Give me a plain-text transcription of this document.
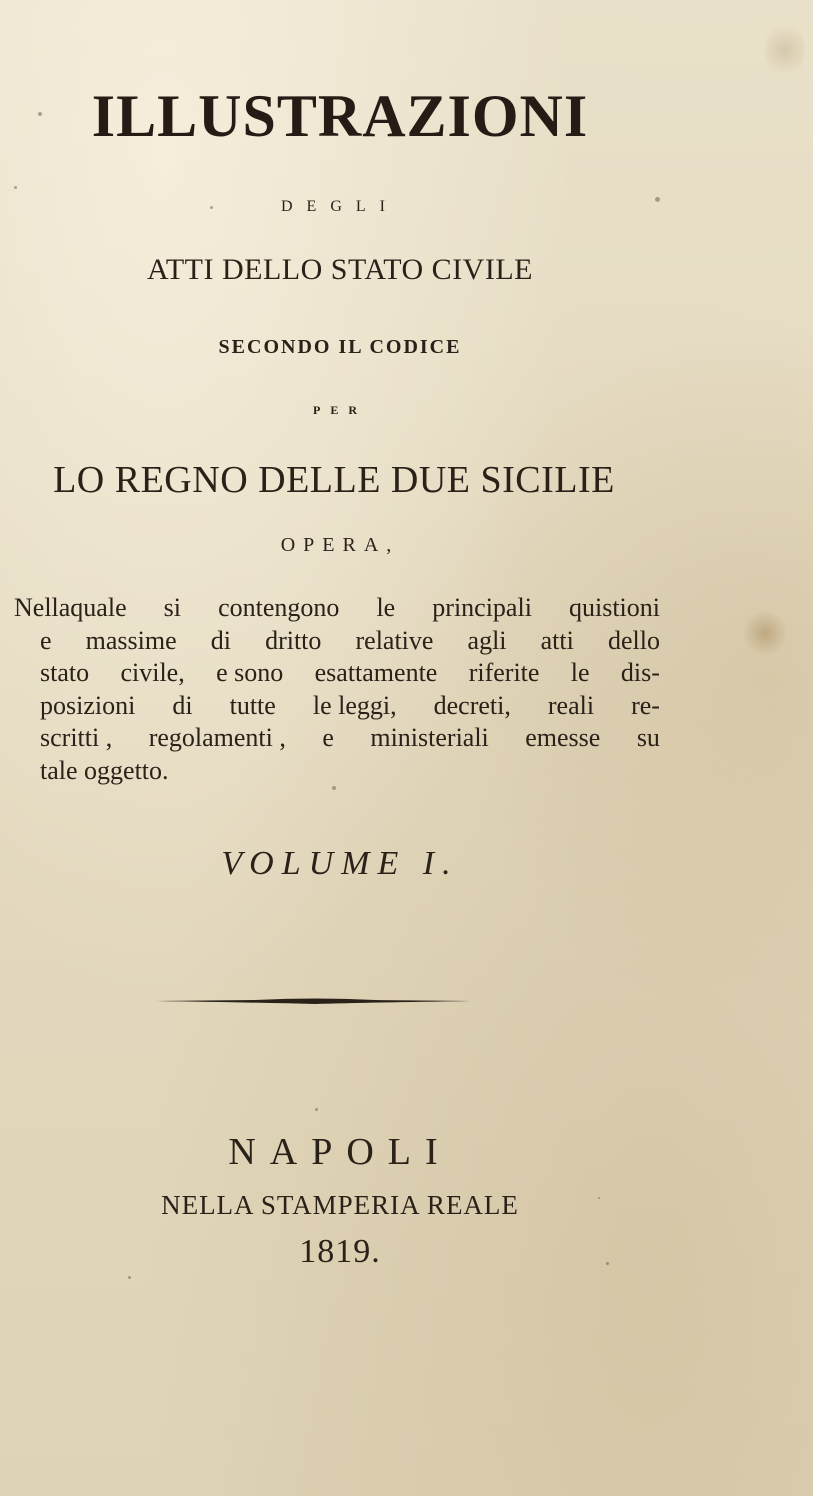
ILLUSTRAZIONI
DEGLI
ATTI DELLO STATO CIVILE
SECONDO IL CODICE
PER
LO REGNO DELLE DUE SICILIE
OPERA,
Nellaquale si contengono le principali quistioni
e massime di dritto relative agli atti dello
stato civile, e sono esattamente riferite le dis-
posizioni di tutte le leggi, decreti, reali re-
scritti , regolamenti , e ministeriali emesse su
tale oggetto.
VOLUME I.
NAPOLI
NELLA STAMPERIA REALE
1819.
